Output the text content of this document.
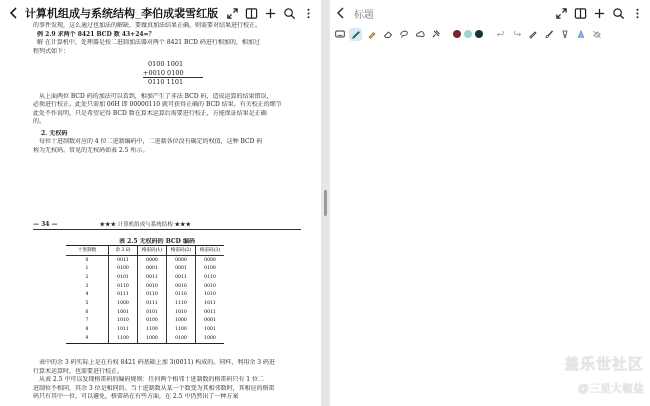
计算机组成与系统结构_李伯成裴雪红版
的事件发现，这么通过也加法的解缺，要做真加法结果正确，则需要对结果进行校正。
例 2.9 求两个 8421 BCD 数 43+24=？
解 在计算机中，处理器是按二进制加法器对两个 8421 BCD 码进行相加的，相加过
程列式如下：
0100 1001
+0010 0100
0110 1101
从上面两位 BCD 码的加法可以看到，相加产生了非法 BCD 码，造成运算的结果错误，
必须进行校正。此处只需加 06H 即 00000110 就可获得正确的 BCD 结果。有关校正的细节
此处不作说明，只是希望记得 BCD 数在算术运算后需要进行校正，方能保证结果是正确
的。
2. 无权码
每位十进制数对应的 4 位二进制编码中，二进制各位没有确定的权值，这种 BCD 码
称为无权码。常见的无权码如表 2.5 所示。
— 34 —	★★★ 计算机组成与系统结构 ★★★
表 2.5 无权码的 BCD 编码
十进制数	余 3 码	格雷码(1)	格雷码(2)	格雷码(3)
0	0011	0000	0000	0000
1	0100	0001	0001	0100
2	0101	0011	0011	0110
3	0110	0010	0010	0010
4	0111	0110	0110	1010
5	1000	0111	1110	1011
6	1001	0101	1010	0011
7	1010	0100	1000	0001
8	1011	1100	1100	1001
9	1100	1000	0100	1000
表中的余 3 码实际上是在有权 8421 码基础上加 3(0011) 构成的。同样，利用余 3 码进
行算术运算时，也需要进行校正。
从表 2.5 中可以发现格雷码的编码规则：任何两个相邻十进制数的格雷码只有 1 位二
进制位不相同，其余 3 位是相同的。当十进制数从某一个数变为其相邻数时，其相应的格雷
码只有其中一位，可以避免，格雷码在有些方面，在 2.5 中仍然出了一种方案
标题
盖乐世社区
@三星大椒盐
